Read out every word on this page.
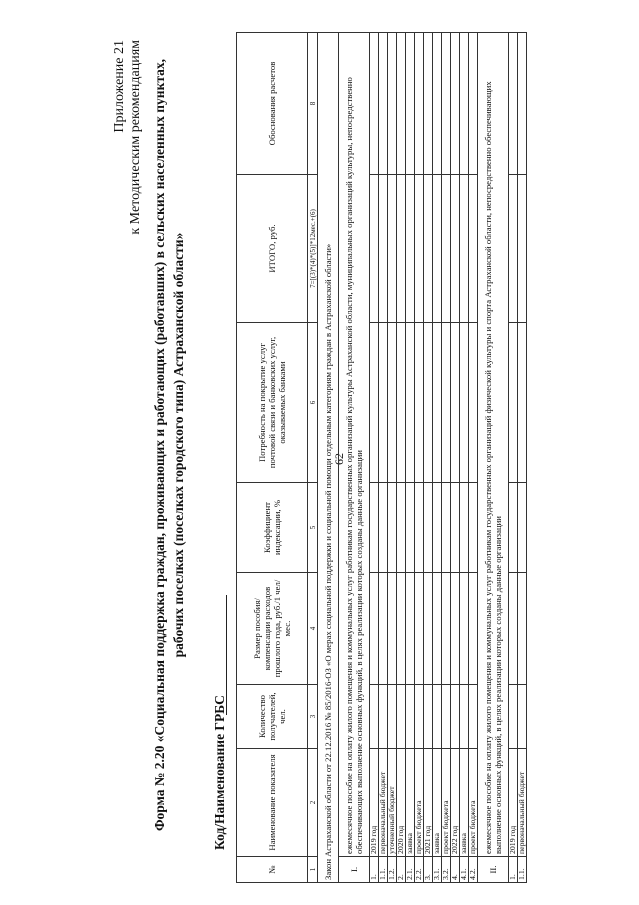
62
Приложение 21 к Методическим рекомендациям Форма № 2.20 «Социальная поддержка граждан, проживающих и работающих (работавших) в сельских населенных пунктах, рабочих поселках (поселках городского типа) Астраханской области»
Код/Наименование ГРБС
№	Наименование показателя	Количество получателей, чел.	Размер пособия/компенсации расходов прошлого года, руб./1 чел/мес.	Коэффициент индексации, %	Потребность на покрытие услуг почтовой связи и банковских услуг, оказываемых банками	ИТОГО, руб.	Обоснования расчетов
1	2	3	4	5	6	7=[(3)*(4)*(5)]*12мес.+(6)	8
Закон Астраханской области от 22.12.2016 № 85/2016-ОЗ «О мерах социальной поддержки и социальной помощи отдельным категориям граждан в Астраханской области»							
I.	ежемесячное пособие на оплату жилого помещения и коммунальных услуг работникам государственных организаций культуры Астраханской области, муниципальных организаций культуры, непосредственно обеспечивающих выполнение основных функций, в целях реализации которых созданы данные организации						
1.	2019 год						
1.1.	первоначальный бюджет						
1.2.	уточненный бюджет						
2.	2020 год						
2.1.	заявка						
2.2.	проект бюджета						
3.	2021 год						
3.1.	заявка						
3.2.	проект бюджета						
4.	2022 год						
4.1.	заявка						
4.2.	проект бюджета						
II.	ежемесячное пособие на оплату жилого помещения и коммунальных услуг работникам государственных организаций физической культуры и спорта Астраханской области, непосредственно обеспечивающих выполнение основных функций, в целях реализации которых созданы данные организации						
1.	2019 год						
1.1.	первоначальный бюджет						
